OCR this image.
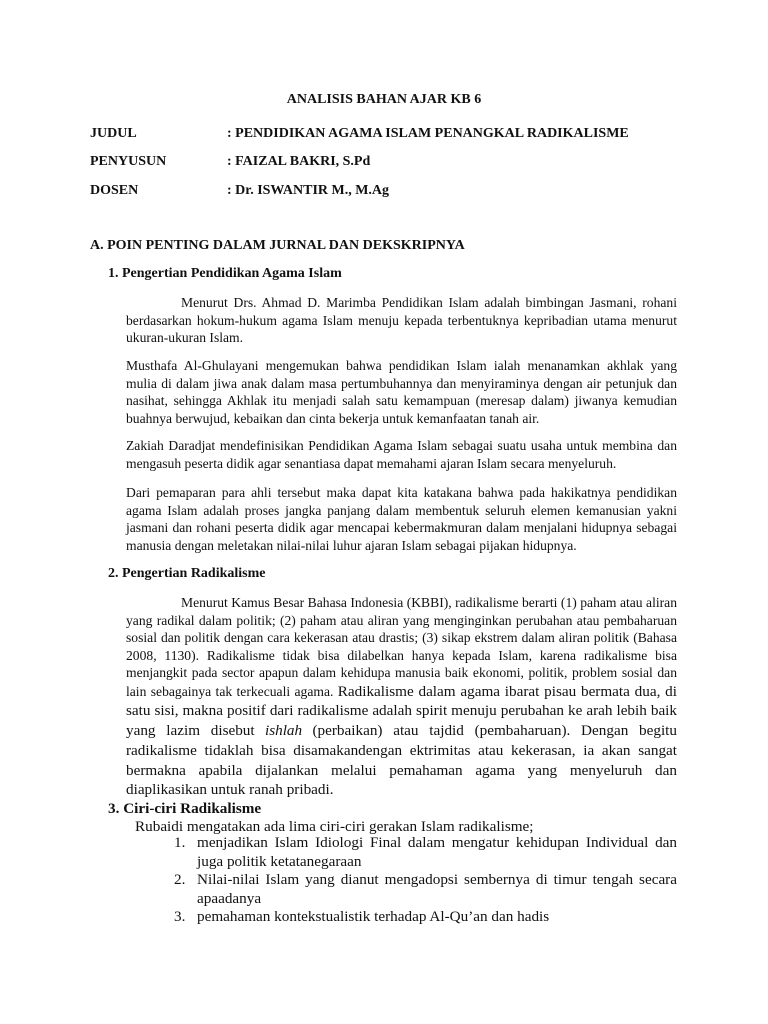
ANALISIS BAHAN AJAR KB 6

JUDUL	: PENDIDIKAN AGAMA ISLAM PENANGKAL RADIKALISME

PENYUSUN	: FAIZAL BAKRI, S.Pd

DOSEN	: Dr. ISWANTIR M., M.Ag

A. POIN PENTING DALAM JURNAL DAN DEKSKRIPNYA

1. Pengertian Pendidikan Agama Islam

Menurut Drs. Ahmad D. Marimba Pendidikan Islam adalah bimbingan Jasmani, rohani berdasarkan hokum-hukum agama Islam menuju kepada terbentuknya kepribadian utama menurut ukuran-ukuran Islam.

Musthafa Al-Ghulayani mengemukan bahwa pendidikan Islam ialah menanamkan akhlak yang mulia di dalam jiwa anak dalam masa pertumbuhannya dan menyiraminya dengan air petunjuk dan nasihat, sehingga Akhlak itu menjadi salah satu kemampuan (meresap dalam) jiwanya kemudian buahnya berwujud, kebaikan dan cinta bekerja untuk kemanfaatan tanah air.

Zakiah Daradjat mendefinisikan Pendidikan Agama Islam sebagai suatu usaha untuk membina dan mengasuh peserta didik agar senantiasa dapat memahami ajaran Islam secara menyeluruh.

Dari pemaparan para ahli tersebut maka dapat kita katakana bahwa pada hakikatnya pendidikan agama Islam adalah proses jangka panjang dalam membentuk seluruh elemen kemanusian yakni jasmani dan rohani peserta didik agar mencapai kebermakmuran dalam menjalani hidupnya sebagai manusia dengan meletakan nilai-nilai luhur ajaran Islam sebagai pijakan hidupnya.

2. Pengertian Radikalisme

Menurut Kamus Besar Bahasa Indonesia (KBBI), radikalisme berarti (1) paham atau aliran yang radikal dalam politik; (2) paham atau aliran yang menginginkan perubahan atau pembaharuan sosial dan politik dengan cara kekerasan atau drastis; (3) sikap ekstrem dalam aliran politik (Bahasa 2008, 1130). Radikalisme tidak bisa dilabelkan hanya kepada Islam, karena radikalisme bisa menjangkit pada sector apapun dalam kehidupa manusia baik ekonomi, politik, problem sosial dan lain sebagainya tak terkecuali agama. Radikalisme dalam agama ibarat pisau bermata dua, di satu sisi, makna positif dari radikalisme adalah spirit menuju perubahan ke arah lebih baik yang lazim disebut ishlah (perbaikan) atau tajdid (pembaharuan). Dengan begitu radikalisme tidaklah bisa disamakandengan ektrimitas atau kekerasan, ia akan sangat bermakna apabila dijalankan melalui pemahaman agama yang menyeluruh dan diaplikasikan untuk ranah pribadi.

3. Ciri-ciri Radikalisme

Rubaidi mengatakan ada lima ciri-ciri gerakan Islam radikalisme;

1. menjadikan Islam Idiologi Final dalam mengatur kehidupan Individual dan juga politik ketatanegaraan
2. Nilai-nilai Islam yang dianut mengadopsi sembernya di timur tengah secara apaadanya
3. pemahaman kontekstualistik terhadap Al-Qu’an dan hadis
